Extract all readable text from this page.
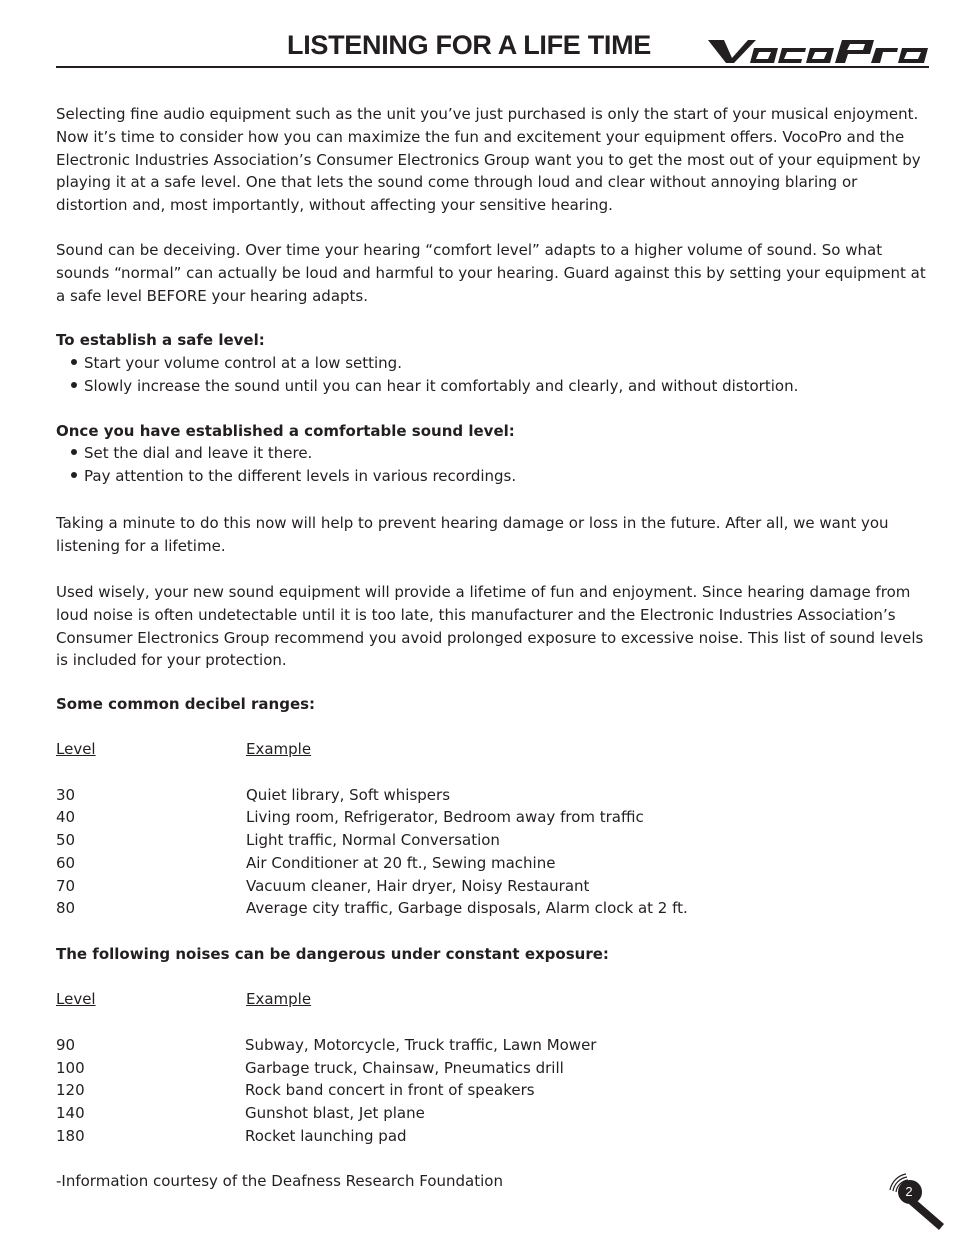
LISTENING FOR A LIFE TIME

Selecting fine audio equipment such as the unit you’ve just purchased is only the start of your musical enjoyment. Now it’s time to consider how you can maximize the fun and excitement your equipment offers. VocoPro and the Electronic Industries Association’s Consumer Electronics Group want you to get the most out of your equipment by playing it at a safe level. One that lets the sound come through loud and clear without annoying blaring or distortion and, most importantly, without affecting your sensitive hearing.

Sound can be deceiving. Over time your hearing “comfort level” adapts to a higher volume of sound. So what sounds “normal” can actually be loud and harmful to your hearing. Guard against this by setting your equipment at a safe level BEFORE your hearing adapts.

To establish a safe level:

Start your volume control at a low setting.

Slowly increase the sound until you can hear it comfortably and clearly, and without distortion.

Once you have established a comfortable sound level:

Set the dial and leave it there.

Pay attention to the different levels in various recordings.

Taking a minute to do this now will help to prevent hearing damage or loss in the future. After all, we want you listening for a lifetime.

Used wisely, your new sound equipment will provide a lifetime of fun and enjoyment. Since hearing damage from loud noise is often undetectable until it is too late, this manufacturer and the Electronic Industries Association’s Consumer Electronics Group recommend you avoid prolonged exposure to excessive noise. This list of sound levels is included for your protection.

Some common decibel ranges:

Level	Example
30	Quiet library, Soft whispers
40	Living room, Refrigerator, Bedroom away from traffic
50	Light traffic, Normal Conversation
60	Air Conditioner at 20 ft., Sewing machine
70	Vacuum cleaner, Hair dryer, Noisy Restaurant
80	Average city traffic, Garbage disposals, Alarm clock at 2 ft.

The following noises can be dangerous under constant exposure:

Level	Example
90	Subway, Motorcycle, Truck traffic, Lawn Mower
100	Garbage truck, Chainsaw, Pneumatics drill
120	Rock band concert in front of speakers
140	Gunshot blast, Jet plane
180	Rocket launching pad

-Information courtesy of the Deafness Research Foundation

2
